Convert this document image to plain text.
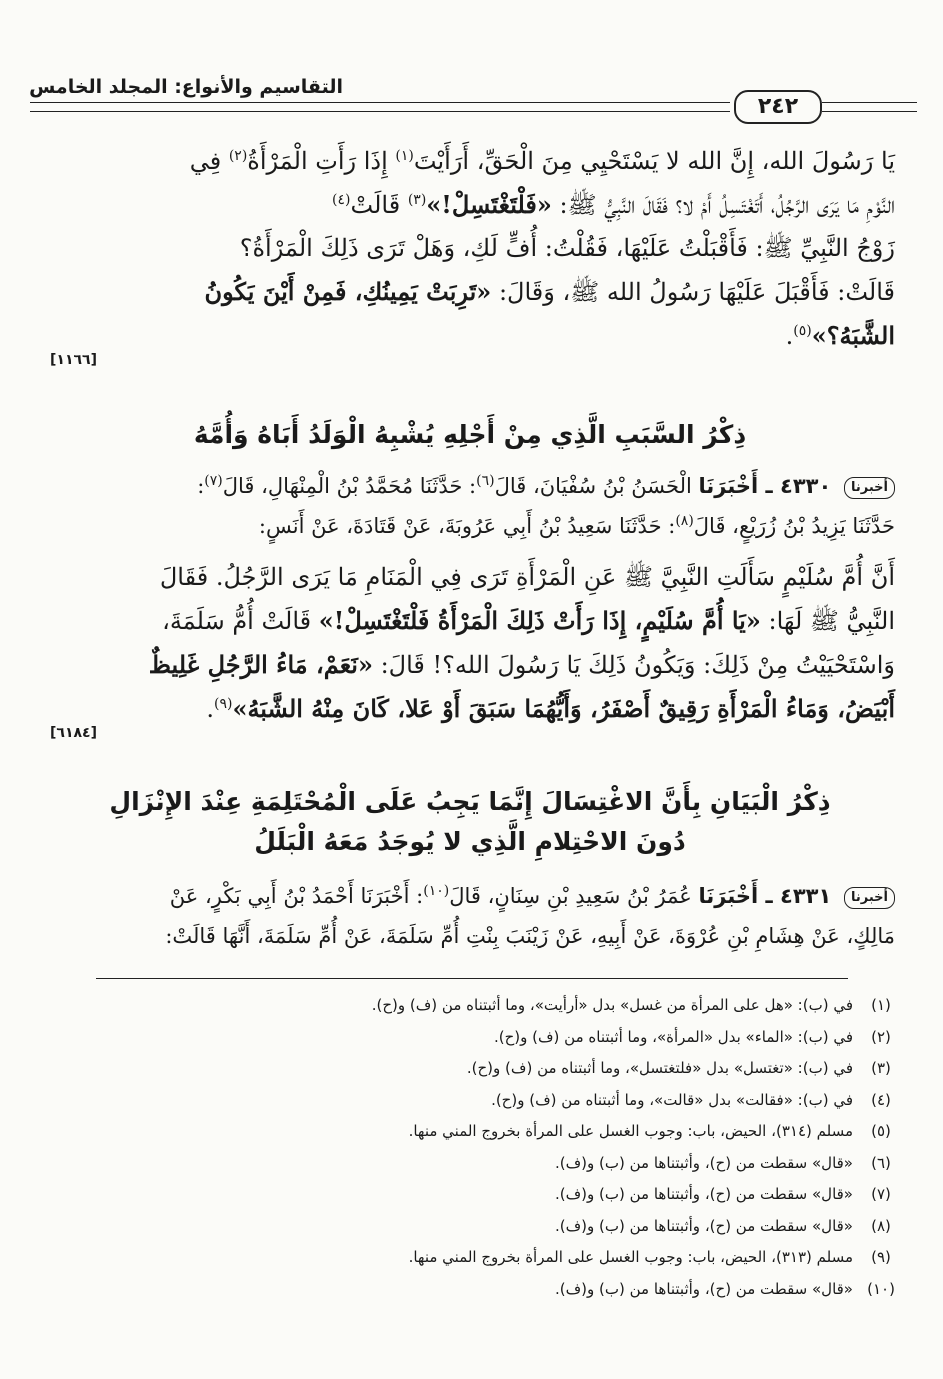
التقاسيم والأنواع: المجلد الخامس
٢٤٢
يَا رَسُولَ الله، إِنَّ الله لا يَسْتَحْيِي مِنَ الْحَقِّ، أَرَأَيْتَ$^{(١)}$ إِذَا رَأَتِ الْمَرْأَةُ$^{(٢)}$ فِي
النَّوْمِ مَا يَرَى الرَّجُلُ، أَتَغْتَسِلُ أَمْ لا؟ فَقَالَ النَّبِيُّ ﷺ: «فَلْتَغْتَسِلْ!»$^{(٣)}$ قَالَتْ$^{(٤)}$
زَوْجُ النَّبِيِّ ﷺ: فَأَقْبَلْتُ عَلَيْهَا، فَقُلْتُ: أُفٍّ لَكِ، وَهَلْ تَرَى ذَلِكَ الْمَرْأَةُ؟
قَالَتْ: فَأَقْبَلَ عَلَيْهَا رَسُولُ الله ﷺ، وَقَالَ: «تَرِبَتْ يَمِينُكِ، فَمِنْ أَيْنَ يَكُونُ
الشَّبَهُ؟»$^{(٥)}$.
[١١٦٦]
ذِكْرُ السَّبَبِ الَّذِي مِنْ أَجْلِهِ يُشْبِهُ الْوَلَدُ أَبَاهُ وَأُمَّهُ
أخبرنا ٤٣٣٠ ـ أَخْبَرَنَا الْحَسَنُ بْنُ سُفْيَانَ، قَالَ$^{(٦)}$: حَدَّثَنَا مُحَمَّدُ بْنُ الْمِنْهَالِ، قَالَ$^{(٧)}$:
حَدَّثَنَا يَزِيدُ بْنُ زُرَيْعٍ، قَالَ$^{(٨)}$: حَدَّثَنَا سَعِيدُ بْنُ أَبِي عَرُوبَةَ، عَنْ قَتَادَةَ، عَنْ أَنَسٍ:
أَنَّ أُمَّ سُلَيْمٍ سَأَلَتِ النَّبِيَّ ﷺ عَنِ الْمَرْأَةِ تَرَى فِي الْمَنَامِ مَا يَرَى الرَّجُلُ. فَقَالَ
النَّبِيُّ ﷺ لَهَا: «يَا أُمَّ سُلَيْمٍ، إِذَا رَأَتْ ذَلِكَ الْمَرْأَةُ فَلْتَغْتَسِلْ!» قَالَتْ أُمُّ سَلَمَةَ،
وَاسْتَحْيَيْتُ مِنْ ذَلِكَ: وَيَكُونُ ذَلِكَ يَا رَسُولَ الله؟! قَالَ: «نَعَمْ، مَاءُ الرَّجُلِ غَلِيظٌ
أَبْيَضُ، وَمَاءُ الْمَرْأَةِ رَقِيقٌ أَصْفَرُ، وَأَيُّهُمَا سَبَقَ أَوْ عَلا، كَانَ مِنْهُ الشَّبَهُ»$^{(٩)}$.
[٦١٨٤]
ذِكْرُ الْبَيَانِ بِأَنَّ الاغْتِسَالَ إِنَّمَا يَجِبُ عَلَى الْمُحْتَلِمَةِ عِنْدَ الإِنْزَالِ
دُونَ الاحْتِلامِ الَّذِي لا يُوجَدُ مَعَهُ الْبَلَلُ
أخبرنا ٤٣٣١ ـ أَخْبَرَنَا عُمَرُ بْنُ سَعِيدِ بْنِ سِنَانٍ، قَالَ$^{(١٠)}$: أَخْبَرَنَا أَحْمَدُ بْنُ أَبِي بَكْرٍ، عَنْ
مَالِكٍ، عَنْ هِشَامِ بْنِ عُرْوَةَ، عَنْ أَبِيهِ، عَنْ زَيْنَبَ بِنْتِ أُمِّ سَلَمَةَ، عَنْ أُمِّ سَلَمَةَ، أَنَّهَا قَالَتْ:
(١)
في (ب): «هل على المرأة من غسل» بدل «أرأيت»، وما أثبتناه من (ف) و(ح).
(٢)
في (ب): «الماء» بدل «المرأة»، وما أثبتناه من (ف) و(ح).
(٣)
في (ب): «تغتسل» بدل «فلتغتسل»، وما أثبتناه من (ف) و(ح).
(٤)
في (ب): «فقالت» بدل «قالت»، وما أثبتناه من (ف) و(ح).
(٥)
مسلم (٣١٤)، الحيض، باب: وجوب الغسل على المرأة بخروج المني منها.
(٦)
«قال» سقطت من (ح)، وأثبتناها من (ب) و(ف).
(٧)
«قال» سقطت من (ح)، وأثبتناها من (ب) و(ف).
(٨)
«قال» سقطت من (ح)، وأثبتناها من (ب) و(ف).
(٩)
مسلم (٣١٣)، الحيض، باب: وجوب الغسل على المرأة بخروج المني منها.
(١٠)
«قال» سقطت من (ح)، وأثبتناها من (ب) و(ف).
